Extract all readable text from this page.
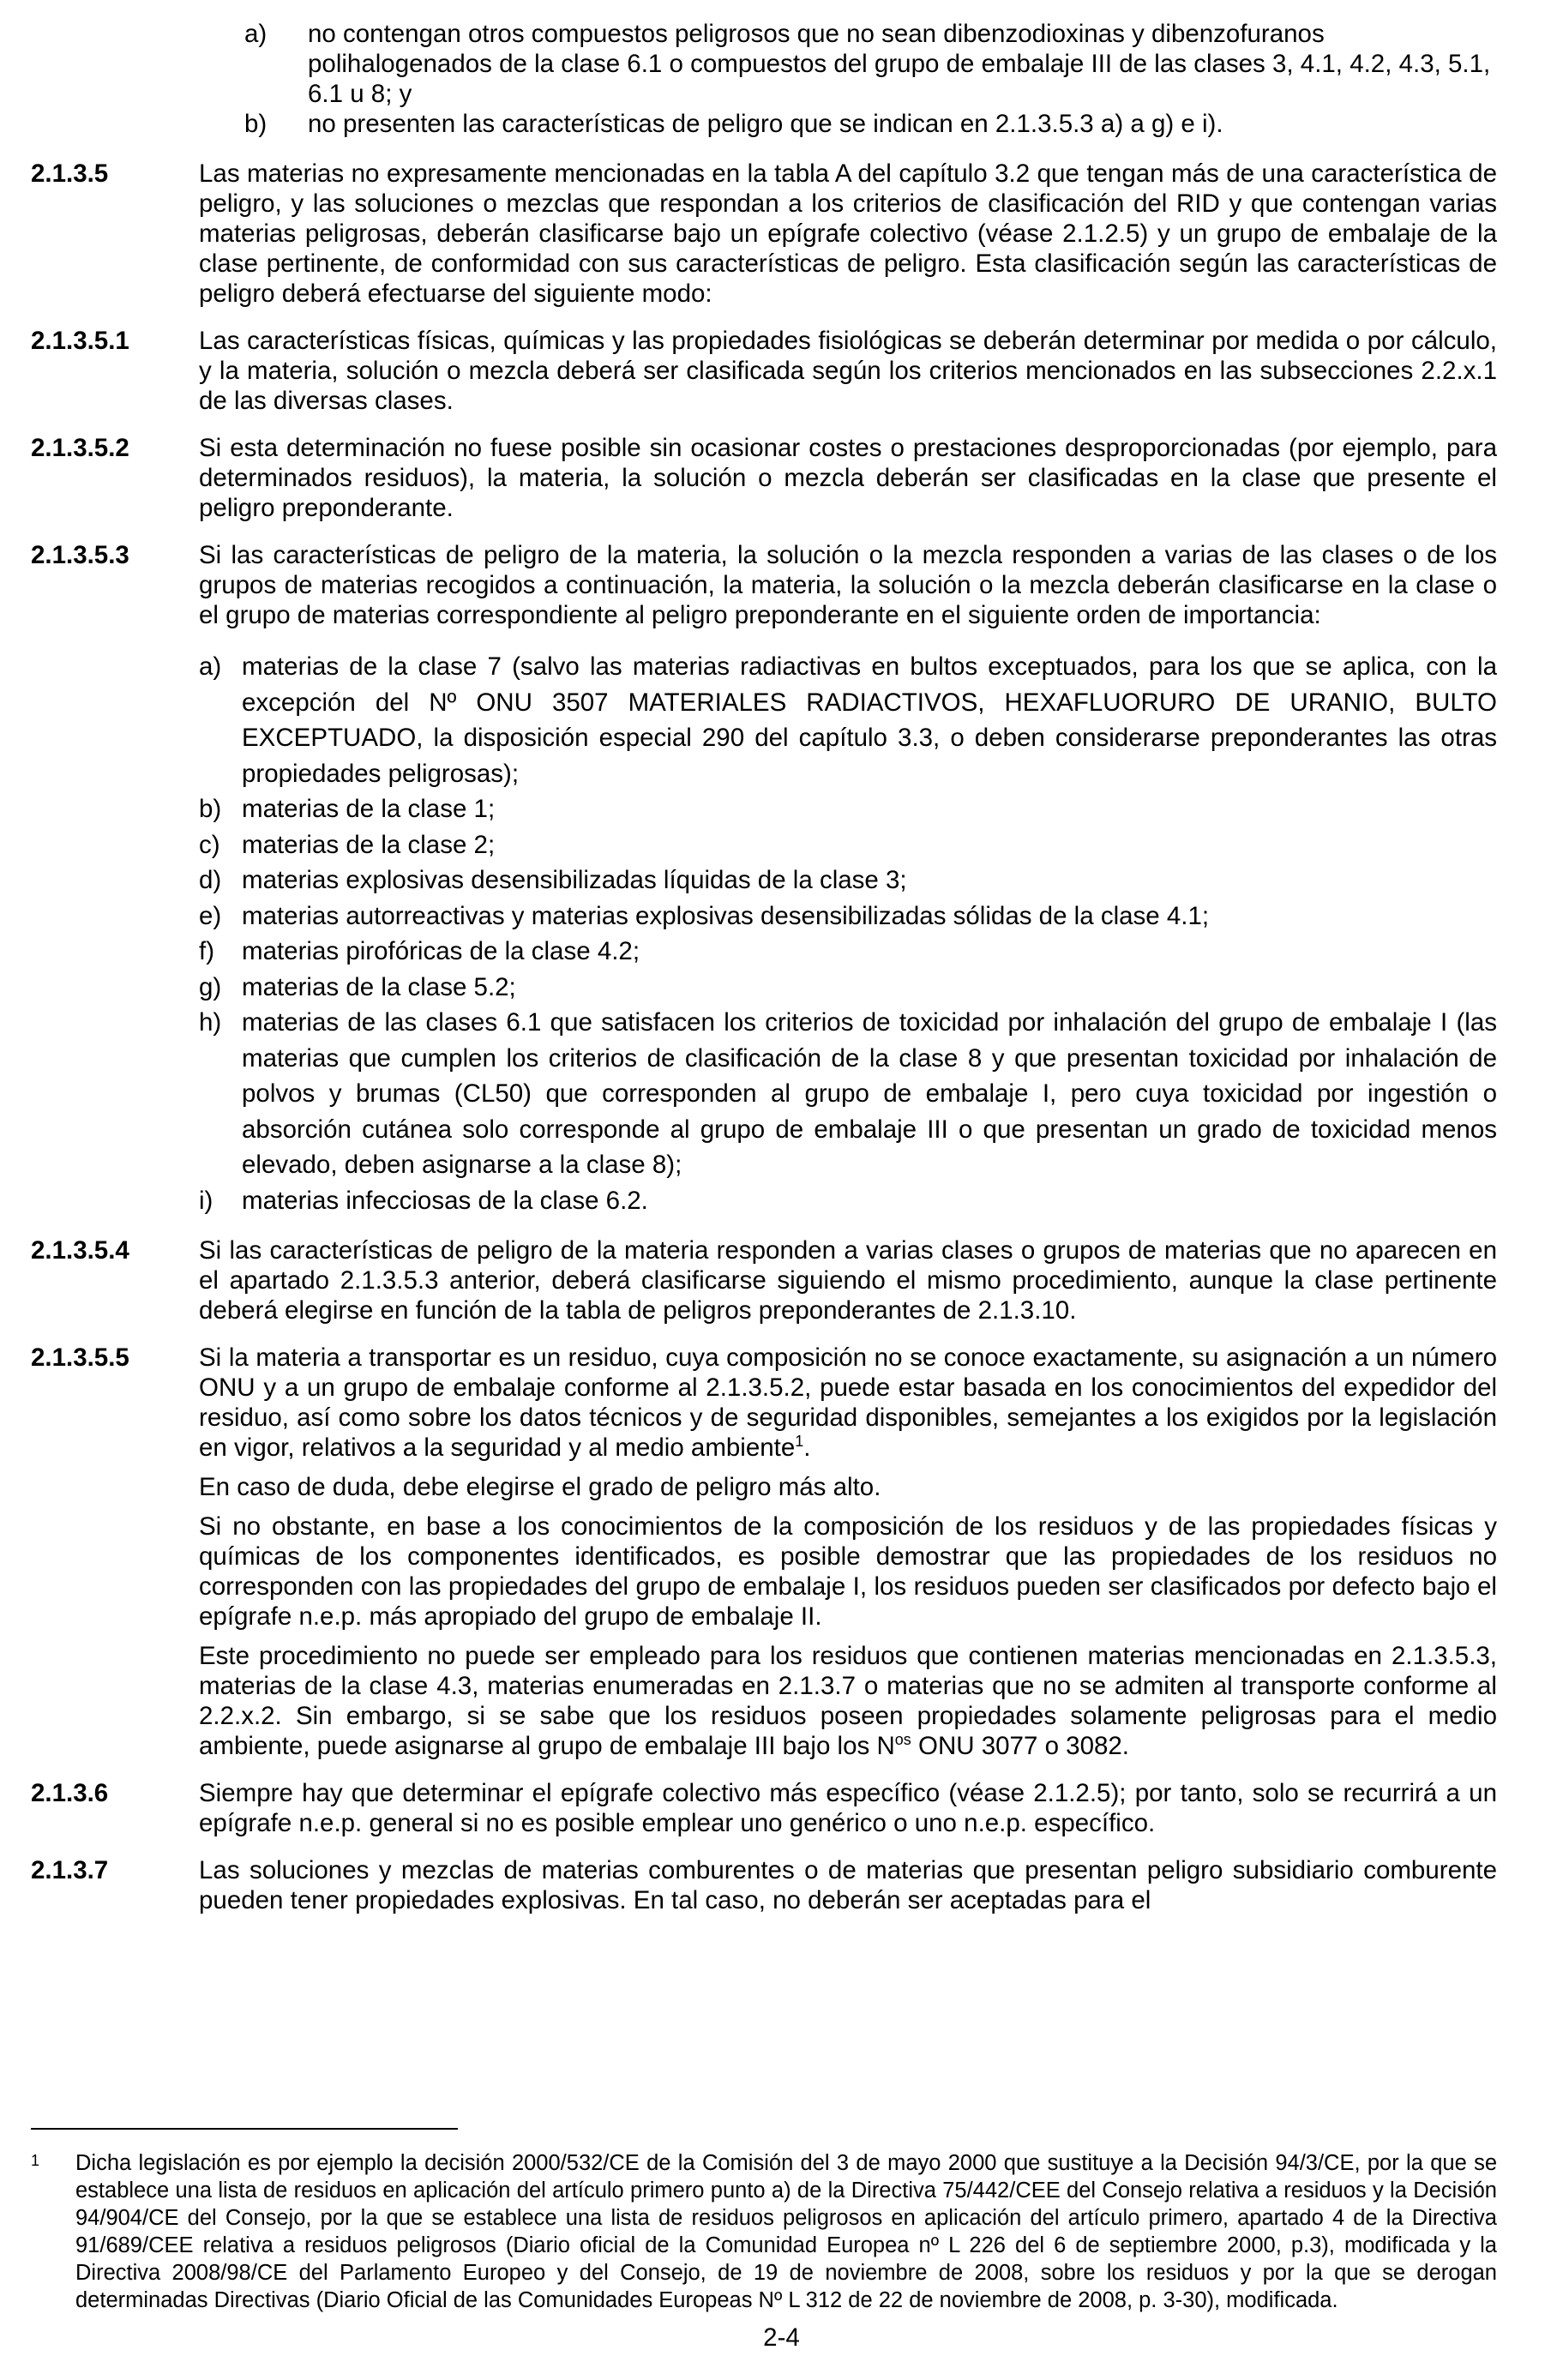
a)	no contengan otros compuestos peligrosos que no sean dibenzodioxinas y dibenzofuranos polihalogenados de la clase 6.1 o compuestos del grupo de embalaje III de las clases 3, 4.1, 4.2, 4.3, 5.1, 6.1 u 8; y
b)	no presenten las características de peligro que se indican en 2.1.3.5.3 a) a g) e i).
2.1.3.5	Las materias no expresamente mencionadas en la tabla A del capítulo 3.2 que tengan más de una característica de peligro, y las soluciones o mezclas que respondan a los criterios de clasificación del RID y que contengan varias materias peligrosas, deberán clasificarse bajo un epígrafe colectivo (véase 2.1.2.5) y un grupo de embalaje de la clase pertinente, de conformidad con sus características de peligro. Esta clasificación según las características de peligro deberá efectuarse del siguiente modo:
2.1.3.5.1	Las características físicas, químicas y las propiedades fisiológicas se deberán determinar por medida o por cálculo, y la materia, solución o mezcla deberá ser clasificada según los criterios mencionados en las subsecciones 2.2.x.1 de las diversas clases.
2.1.3.5.2	Si esta determinación no fuese posible sin ocasionar costes o prestaciones desproporcionadas (por ejemplo, para determinados residuos), la materia, la solución o mezcla deberán ser clasificadas en la clase que presente el peligro preponderante.
2.1.3.5.3	Si las características de peligro de la materia, la solución o la mezcla responden a varias de las clases o de los grupos de materias recogidos a continuación, la materia, la solución o la mezcla deberán clasificarse en la clase o el grupo de materias correspondiente al peligro preponderante en el siguiente orden de importancia:
a) materias de la clase 7 (salvo las materias radiactivas en bultos exceptuados, para los que se aplica, con la excepción del Nº ONU 3507 MATERIALES RADIACTIVOS, HEXAFLUORURO DE URANIO, BULTO EXCEPTUADO, la disposición especial 290 del capítulo 3.3, o deben considerarse preponderantes las otras propiedades peligrosas);
b) materias de la clase 1;
c) materias de la clase 2;
d) materias explosivas desensibilizadas líquidas de la clase 3;
e) materias autorreactivas y materias explosivas desensibilizadas sólidas de la clase 4.1;
f)	materias pirofóricas de la clase 4.2;
g) materias de la clase 5.2;
h) materias de las clases 6.1 que satisfacen los criterios de toxicidad por inhalación del grupo de embalaje I (las materias que cumplen los criterios de clasificación de la clase 8 y que presentan toxicidad por inhalación de polvos y brumas (CL50) que corresponden al grupo de embalaje I, pero cuya toxicidad por ingestión o absorción cutánea solo corresponde al grupo de embalaje III o que presentan un grado de toxicidad menos elevado, deben asignarse a la clase 8);
i)	materias infecciosas de la clase 6.2.
2.1.3.5.4	Si las características de peligro de la materia responden a varias clases o grupos de materias que no aparecen en el apartado 2.1.3.5.3 anterior, deberá clasificarse siguiendo el mismo procedimiento, aunque la clase pertinente deberá elegirse en función de la tabla de peligros preponderantes de 2.1.3.10.
2.1.3.5.5	Si la materia a transportar es un residuo, cuya composición no se conoce exactamente, su asignación a un número ONU y a un grupo de embalaje conforme al 2.1.3.5.2, puede estar basada en los conocimientos del expedidor del residuo, así como sobre los datos técnicos y de seguridad disponibles, semejantes a los exigidos por la legislación en vigor, relativos a la seguridad y al medio ambiente$^1$.

En caso de duda, debe elegirse el grado de peligro más alto.

Si no obstante, en base a los conocimientos de la composición de los residuos y de las propiedades físicas y químicas de los componentes identificados, es posible demostrar que las propiedades de los residuos no corresponden con las propiedades del grupo de embalaje I, los residuos pueden ser clasificados por defecto bajo el epígrafe n.e.p. más apropiado del grupo de embalaje II.

Este procedimiento no puede ser empleado para los residuos que contienen materias mencionadas en 2.1.3.5.3, materias de la clase 4.3, materias enumeradas en 2.1.3.7 o materias que no se admiten al transporte conforme al 2.2.x.2. Sin embargo, si se sabe que los residuos poseen propiedades solamente peligrosas para el medio ambiente, puede asignarse al grupo de embalaje III bajo los $N^{os}$ ONU 3077 o 3082.

2.1.3.6	Siempre hay que determinar el epígrafe colectivo más específico (véase 2.1.2.5); por tanto, solo se recurrirá a un epígrafe n.e.p. general si no es posible emplear uno genérico o uno n.e.p. específico.
2.1.3.7	Las soluciones y mezclas de materias comburentes o de materias que presentan peligro subsidiario comburente pueden tener propiedades explosivas. En tal caso, no deberán ser aceptadas para el
1	Dicha legislación es por ejemplo la decisión 2000/532/CE de la Comisión del 3 de mayo 2000 que sustituye a la Decisión 94/3/CE, por la que se establece una lista de residuos en aplicación del artículo primero punto a) de la Directiva 75/442/CEE del Consejo relativa a residuos y la Decisión 94/904/CE del Consejo, por la que se establece una lista de residuos peligrosos en aplicación del artículo primero, apartado 4 de la Directiva 91/689/CEE relativa a residuos peligrosos (Diario oficial de la Comunidad Europea nº L 226 del 6 de septiembre 2000, p.3), modificada y la Directiva 2008/98/CE del Parlamento Europeo y del Consejo, de 19 de noviembre de 2008, sobre los residuos y por la que se derogan determinadas Directivas (Diario Oficial de las Comunidades Europeas Nº L 312 de 22 de noviembre de 2008, p. 3-30), modificada.
2-4
